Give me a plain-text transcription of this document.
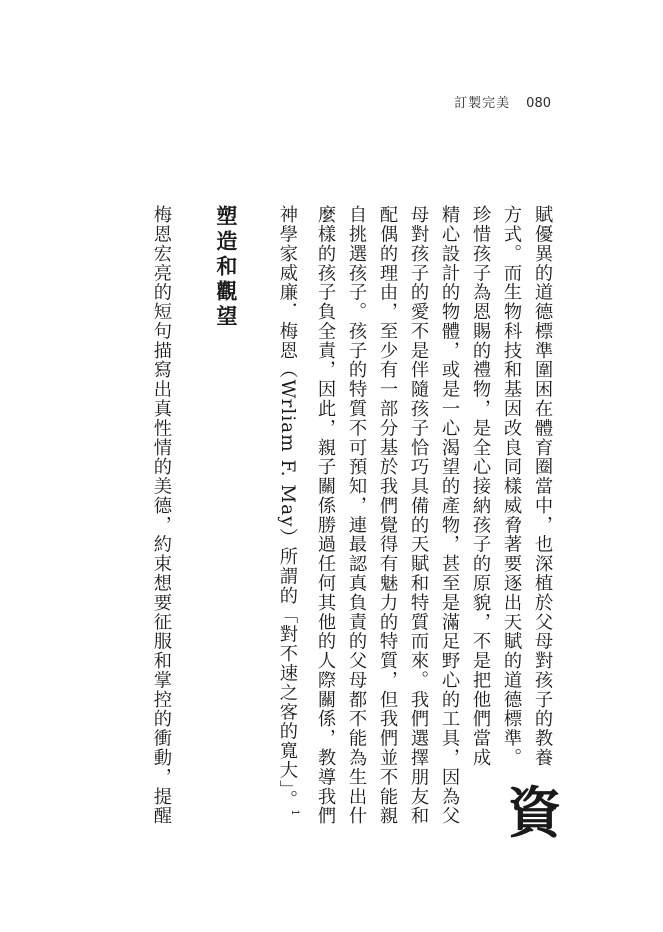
訂製完美 080

資
賦優異的道德標準圍困在體育圈當中，也深植於父母對孩子的教養方式。而生物科技和基因改良同樣威脅著要逐出天賦的道德標準。珍惜孩子為恩賜的禮物，是全心接納孩子的原貌，不是把他們當成精心設計的物體，或是一心渴望的產物，甚至是滿足野心的工具，因為父母對孩子的愛不是伴隨孩子恰巧具備的天賦和特質而來。我們選擇朋友和配偶的理由，至少有一部分基於我們覺得有魅力的特質，但我們並不能親自挑選孩子。孩子的特質不可預知，連最認真負責的父母都不能為生出什麼樣的孩子負全責，因此，親子關係勝過任何其他的人際關係，教導我們神學家威廉．梅恩（Wrliam F. May）所謂的「對不速之客的寬大」。$^1$

塑造和觀望

梅恩宏亮的短句描寫出真性情的美德，約束想要征服和掌控的衝動，提醒
